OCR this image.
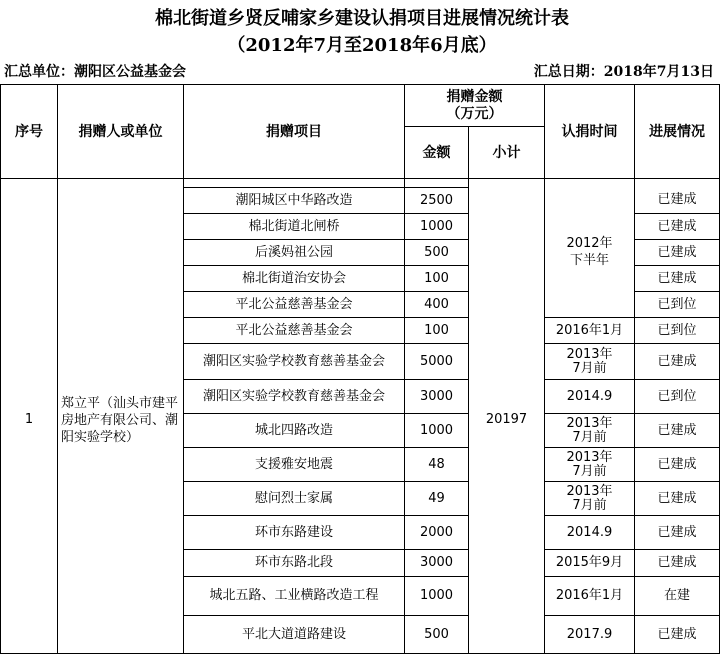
棉北街道乡贤反哺家乡建设认捐项目进展情况统计表
（2012年7月至2018年6月底）
汇总单位：潮阳区公益基金会	汇总日期：2018年7月13日
序号	捐赠人或单位	捐赠项目	捐赠金额
（万元）		认捐时间	进展情况
			金额	小计		

1	郑立平（汕头市建平房地产有限公司、潮阳实验学校）	潮阳城区中华路改造	2500	20197	2012年
下半年	已建成
		棉北街道北闸桥	1000			已建成
		后溪妈祖公园	500			已建成
		棉北街道治安协会	100			已建成
		平北公益慈善基金会	400			已到位
		平北公益慈善基金会	100		2016年1月	已到位
		潮阳区实验学校教育慈善基金会	5000		2013年
7月前	已建成
		潮阳区实验学校教育慈善基金会	3000		2014.9	已到位
		城北四路改造	1000		2013年
7月前	已建成
		支援雅安地震	48		2013年
7月前	已建成
		慰问烈士家属	49		2013年
7月前	已建成
		环市东路建设	2000		2014.9	已建成
		环市东路北段	3000		2015年9月	已建成
		城北五路、工业横路改造工程	1000		2016年1月	在建
		平北大道道路建设	500		2017.9	已建成
